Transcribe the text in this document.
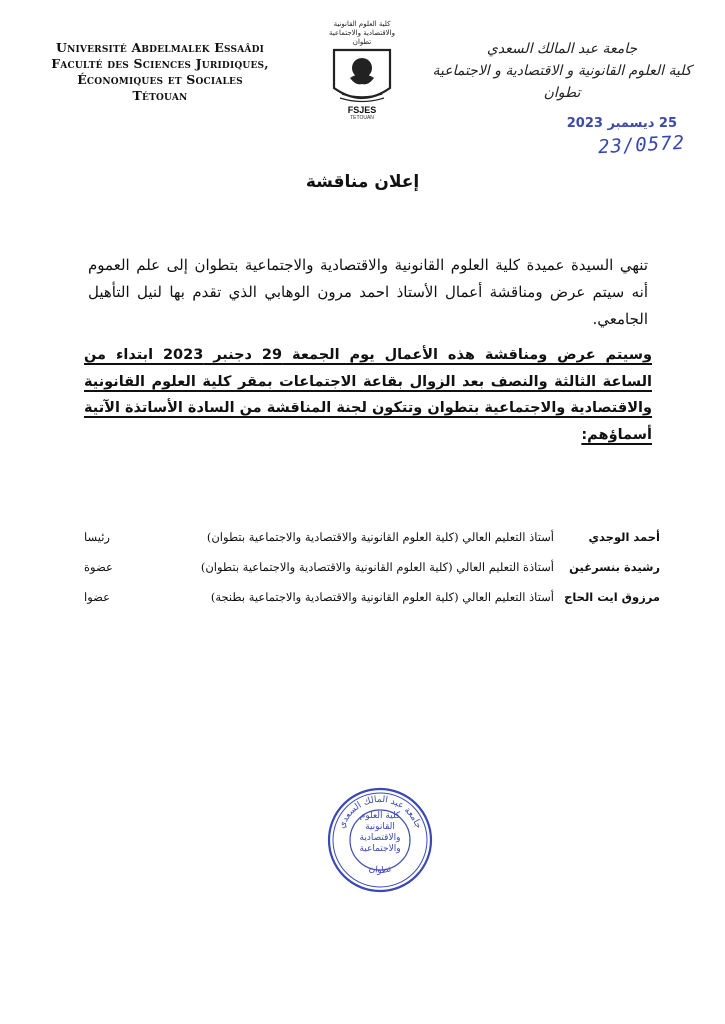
Université Abdelmalek Essaâdi
Faculté des Sciences Juridiques,
Économiques et Sociales
Tétouan
كلية العلوم القانونية والاقتصادية والاجتماعية تطوان
FSJES
TETOUAN
جامعة عبد المالك السعدي
كلية العلوم القانونية و الاقتصادية و الاجتماعية
تطوان
25 ديسمبر 2023
23/0572
إعلان مناقشة
تنهي السيدة عميدة كلية العلوم القانونية والاقتصادية والاجتماعية بتطوان إلى علم العموم أنه سيتم عرض ومناقشة أعمال الأستاذ احمد مرون الوهابي الذي تقدم بها لنيل التأهيل الجامعي.
وسيتم عرض ومناقشة هذه الأعمال يوم الجمعة 29 دجنبر 2023 ابتداء من الساعة الثالثة والنصف بعد الزوال بقاعة الاجتماعات بمقر كلية العلوم القانونية والاقتصادية والاجتماعية بتطوان وتتكون لجنة المناقشة من السادة الأساتذة الآتية أسماؤهم:
أحمد الوجدي
أستاذ التعليم العالي (كلية العلوم القانونية والاقتصادية والاجتماعية بتطوان)
رئيسا
رشيدة بنسرغين
أستاذة التعليم العالي (كلية العلوم القانونية والاقتصادية والاجتماعية بتطوان)
عضوة
مرزوق ايت الحاج
أستاذ التعليم العالي (كلية العلوم القانونية والاقتصادية والاجتماعية بطنجة)
عضوا
جامعة عبد المالك السعدي
تطوان
كلية العلوم القانونية والاقتصادية والاجتماعية
